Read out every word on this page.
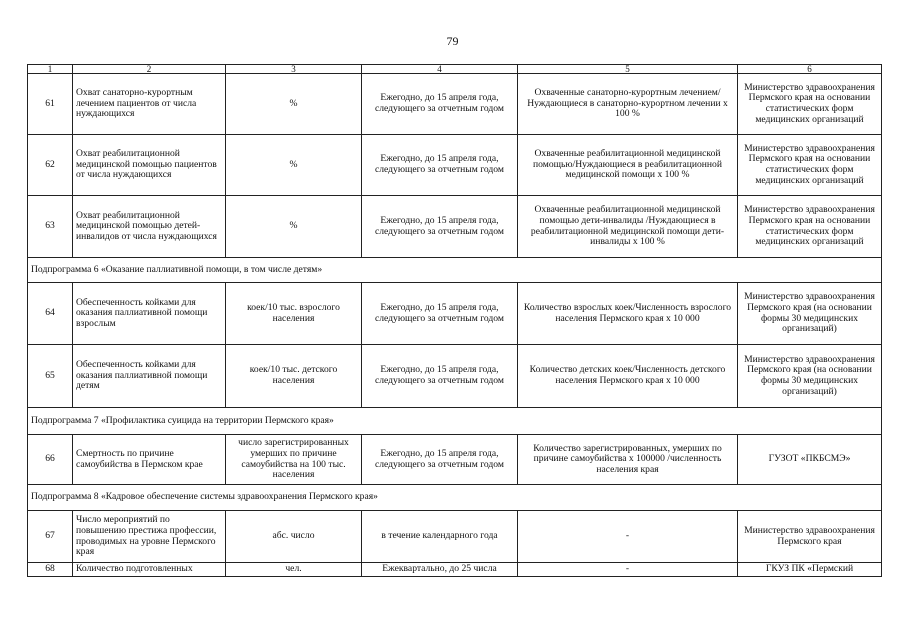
79
1	2	3	4	5	6
61	Охват санаторно-курортным лечением пациентов от числа нуждающихся	%	Ежегодно, до 15 апреля года, следующего за отчетным годом	Охваченные санаторно-курортным лечением/Нуждающиеся в санаторно-курортном лечении х 100 %	Министерство здравоохранения Пермского края на основании статистических форм медицинских организаций
62	Охват реабилитационной медицинской помощью пациентов от числа нуждающихся	%	Ежегодно, до 15 апреля года, следующего за отчетным годом	Охваченные реабилитационной медицинской помощью/Нуждающиеся в реабилитационной медицинской помощи х 100 %	Министерство здравоохранения Пермского края на основании статистических форм медицинских организаций
63	Охват реабилитационной медицинской помощью детей-инвалидов от числа нуждающихся	%	Ежегодно, до 15 апреля года, следующего за отчетным годом	Охваченные реабилитационной медицинской помощью дети-инвалиды /Нуждающиеся в реабилитационной медицинской помощи дети-инвалиды х 100 %	Министерство здравоохранения Пермского края на основании статистических форм медицинских организаций
Подпрограмма 6 «Оказание паллиативной помощи, в том числе детям»					
64	Обеспеченность койками для оказания паллиативной помощи взрослым	коек/10 тыс. взрослого населения	Ежегодно, до 15 апреля года, следующего за отчетным годом	Количество взрослых коек/Численность взрослого населения Пермского края х 10 000	Министерство здравоохранения Пермского края (на основании формы 30 медицинских организаций)
65	Обеспеченность койками для оказания паллиативной помощи детям	коек/10 тыс. детского населения	Ежегодно, до 15 апреля года, следующего за отчетным годом	Количество детских коек/Численность детского населения Пермского края х 10 000	Министерство здравоохранения Пермского края (на основании формы 30 медицинских организаций)
Подпрограмма 7 «Профилактика суицида на территории Пермского края»					
66	Смертность по причине самоубийства в Пермском крае	число зарегистрированных умерших по причине самоубийства на 100 тыс. населения	Ежегодно, до 15 апреля года, следующего за отчетным годом	Количество зарегистрированных, умерших по причине самоубийства х 100000 /численность населения края	ГУЗОТ «ПКБСМЭ»
Подпрограмма 8 «Кадровое обеспечение системы здравоохранения Пермского края»					
67	Число мероприятий по повышению престижа профессии, проводимых на уровне Пермского края	абс. число	в течение календарного года	-	Министерство здравоохранения Пермского края
68	Количество подготовленных	чел.	Ежеквартально, до 25 числа	-	ГКУЗ ПК «Пермский
